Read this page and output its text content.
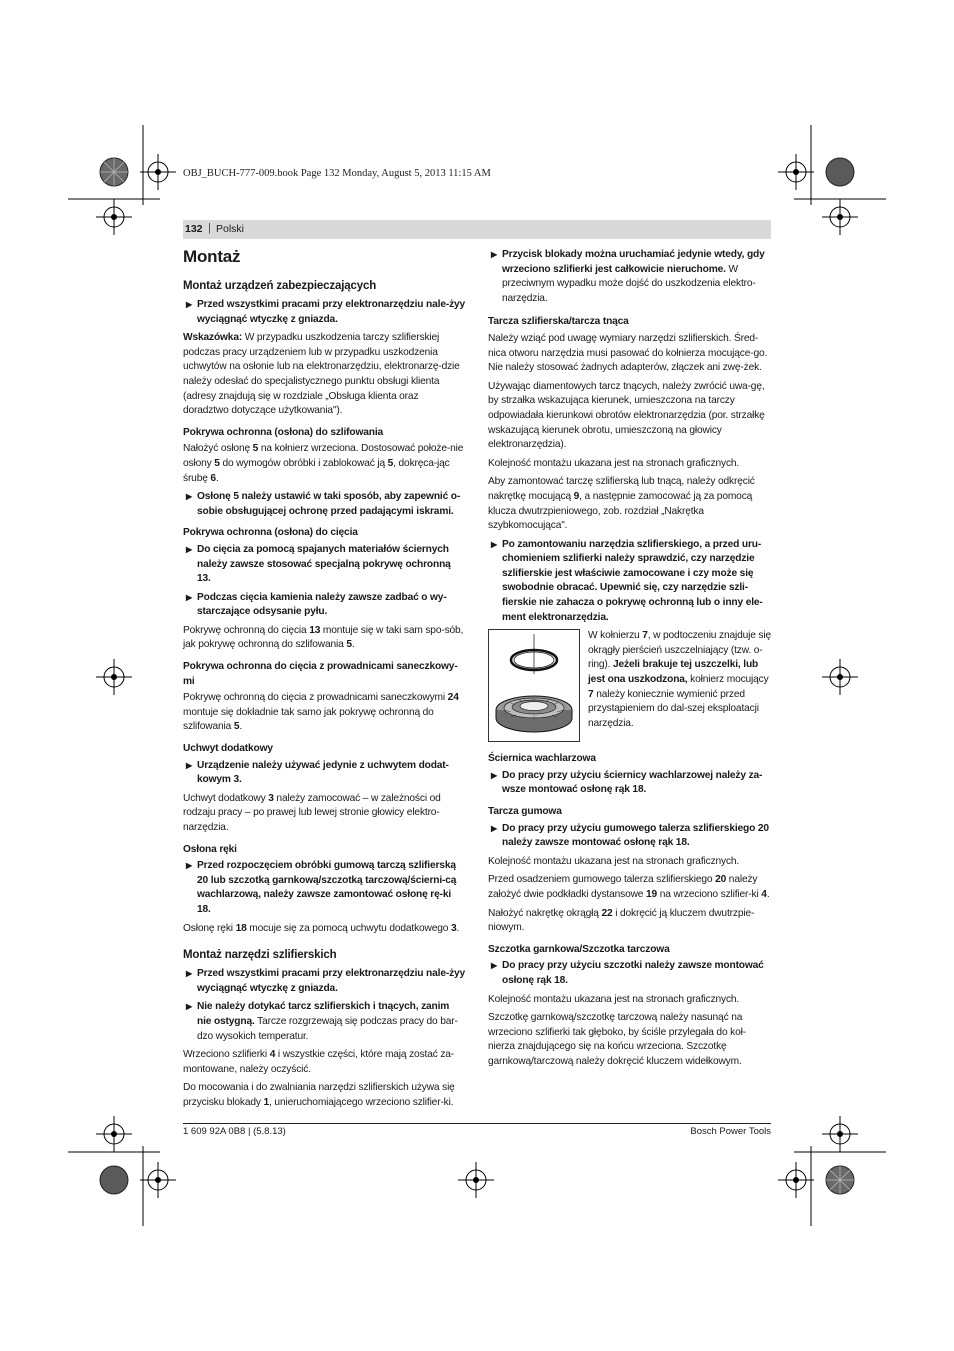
OBJ_BUCH-777-009.book Page 132 Monday, August 5, 2013 11:15 AM
132 | Polski
Montaż
Montaż urządzeń zabezpieczających
▶ Przed wszystkimi pracami przy elektronarzędziu nale-żyy wyciągnąć wtyczkę z gniazda.

Wskazówka: W przypadku uszkodzenia tarczy szlifierskiej podczas pracy urządzeniem lub w przypadku uszkodzenia uchwytów na osłonie lub na elektronarzędziu, elektronarzę-dzie należy odesłać do specjalistycznego punktu obsługi klienta (adresy znajdują się w rozdziale „Obsługa klienta oraz doradztwo dotyczące użytkowania").

Pokrywa ochronna (osłona) do szlifowania

Nałożyć osłonę 5 na kołnierz wrzeciona. Dostosować położe-nie osłony 5 do wymogów obróbki i zablokować ją 5, dokręca-jąc śrubę 6.

▶ Osłonę 5 należy ustawić w taki sposób, aby zapewnić o-sobie obsługującej ochronę przed padającymi iskrami.
Pokrywa ochronna (osłona) do cięcia
▶ Do cięcia za pomocą spajanych materiałów ściernych należy zawsze stosować specjalną pokrywę ochronną 13.
▶ Podczas cięcia kamienia należy zawsze zadbać o wy-starczające odsysanie pyłu.

Pokrywę ochronną do cięcia 13 montuje się w taki sam spo-sób, jak pokrywę ochronną do szlifowania 5.

Pokrywa ochronna do cięcia z prowadnicami saneczkowy-mi

Pokrywę ochronną do cięcia z prowadnicami saneczkowymi 24 montuje się dokładnie tak samo jak pokrywę ochronną do szlifowania 5.

Uchwyt dodatkowy
▶ Urządzenie należy używać jedynie z uchwytem dodat-kowym 3.

Uchwyt dodatkowy 3 należy zamocować – w zależności od rodzaju pracy – po prawej lub lewej stronie głowicy elektro-narzędzia.

Osłona ręki
▶ Przed rozpoczęciem obróbki gumową tarczą szlifierską 20 lub szczotką garnkową/szczotką tarczową/ścierni-cą wachlarzową, należy zawsze zamontować osłonę rę-ki 18.

Osłonę ręki 18 mocuje się za pomocą uchwytu dodatkowego 3.

Montaż narzędzi szlifierskich
▶ Przed wszystkimi pracami przy elektronarzędziu nale-żyy wyciągnąć wtyczkę z gniazda.
▶ Nie należy dotykać tarcz szlifierskich i tnących, zanim nie ostygną. Tarcze rozgrzewają się podczas pracy do bar-dzo wysokich temperatur.

Wrzeciono szlifierki 4 i wszystkie części, które mają zostać za-montowane, należy oczyścić.

Do mocowania i do zwalniania narzędzi szlifierskich używa się przycisku blokady 1, unieruchomiającego wrzeciono szlifier-ki.

▶ Przycisk blokady można uruchamiać jedynie wtedy, gdy wrzeciono szlifierki jest całkowicie nieruchome. W przeciwnym wypadku może dojść do uszkodzenia elektro-narzędzia.
Tarcza szlifierska/tarcza tnąca

Należy wziąć pod uwagę wymiary narzędzi szlifierskich. Śred-nica otworu narzędzia musi pasować do kołnierza mocujące-go. Nie należy stosować żadnych adapterów, złączek ani zwę-żek.

Używając diamentowych tarcz tnących, należy zwrócić uwa-gę, by strzałka wskazująca kierunek, umieszczona na tarczy odpowiadała kierunkowi obrotów elektronarzędzia (por. strzałkę wskazującą kierunek obrotu, umieszczoną na głowicy elektronarzędzia).

Kolejność montażu ukazana jest na stronach graficznych.

Aby zamontować tarczę szlifierską lub tnącą, należy odkręcić nakrętkę mocującą 9, a następnie zamocować ją za pomocą klucza dwutrzpieniowego, zob. rozdział „Nakrętka szybkomocująca".

▶ Po zamontowaniu narzędzia szlifierskiego, a przed uru-chomieniem szlifierki należy sprawdzić, czy narzędzie szlifierskie jest właściwie zamocowane i czy może się swobodnie obracać. Upewnić się, czy narzędzie szli-fierskie nie zahacza o pokrywę ochronną lub o inny ele-ment elektronarzędzia.

W kołnierzu 7, w podtoczeniu znajduje się okrągły pierścień uszczelniający (tzw. o-ring). Jeżeli brakuje tej uszczelki, lub jest ona uszkodzona, kołnierz mocujący 7 należy koniecznie wymienić przed przystąpieniem do dal-szej eksploatacji narzędzia.

Ściernica wachlarzowa
▶ Do pracy przy użyciu ściernicy wachlarzowej należy za-wsze montować osłonę rąk 18.
Tarcza gumowa
▶ Do pracy przy użyciu gumowego talerza szlifierskiego 20 należy zawsze montować osłonę rąk 18.

Kolejność montażu ukazana jest na stronach graficznych.

Przed osadzeniem gumowego talerza szlifierskiego 20 należy założyć dwie podkładki dystansowe 19 na wrzeciono szlifier-ki 4.

Nałożyć nakrętkę okrągłą 22 i dokręcić ją kluczem dwutrzpie-niowym.

Szczotka garnkowa/Szczotka tarczowa
▶ Do pracy przy użyciu szczotki należy zawsze montować osłonę rąk 18.

Kolejność montażu ukazana jest na stronach graficznych.

Szczotkę garnkową/szczotkę tarczową należy nasunąć na wrzeciono szlifierki tak głęboko, by ściśle przylegała do koł-nierza znajdującego się na końcu wrzeciona. Szczotkę garnkową/tarczową należy dokręcić kluczem widełkowym.

1 609 92A 0B8 | (5.8.13)	Bosch Power Tools
